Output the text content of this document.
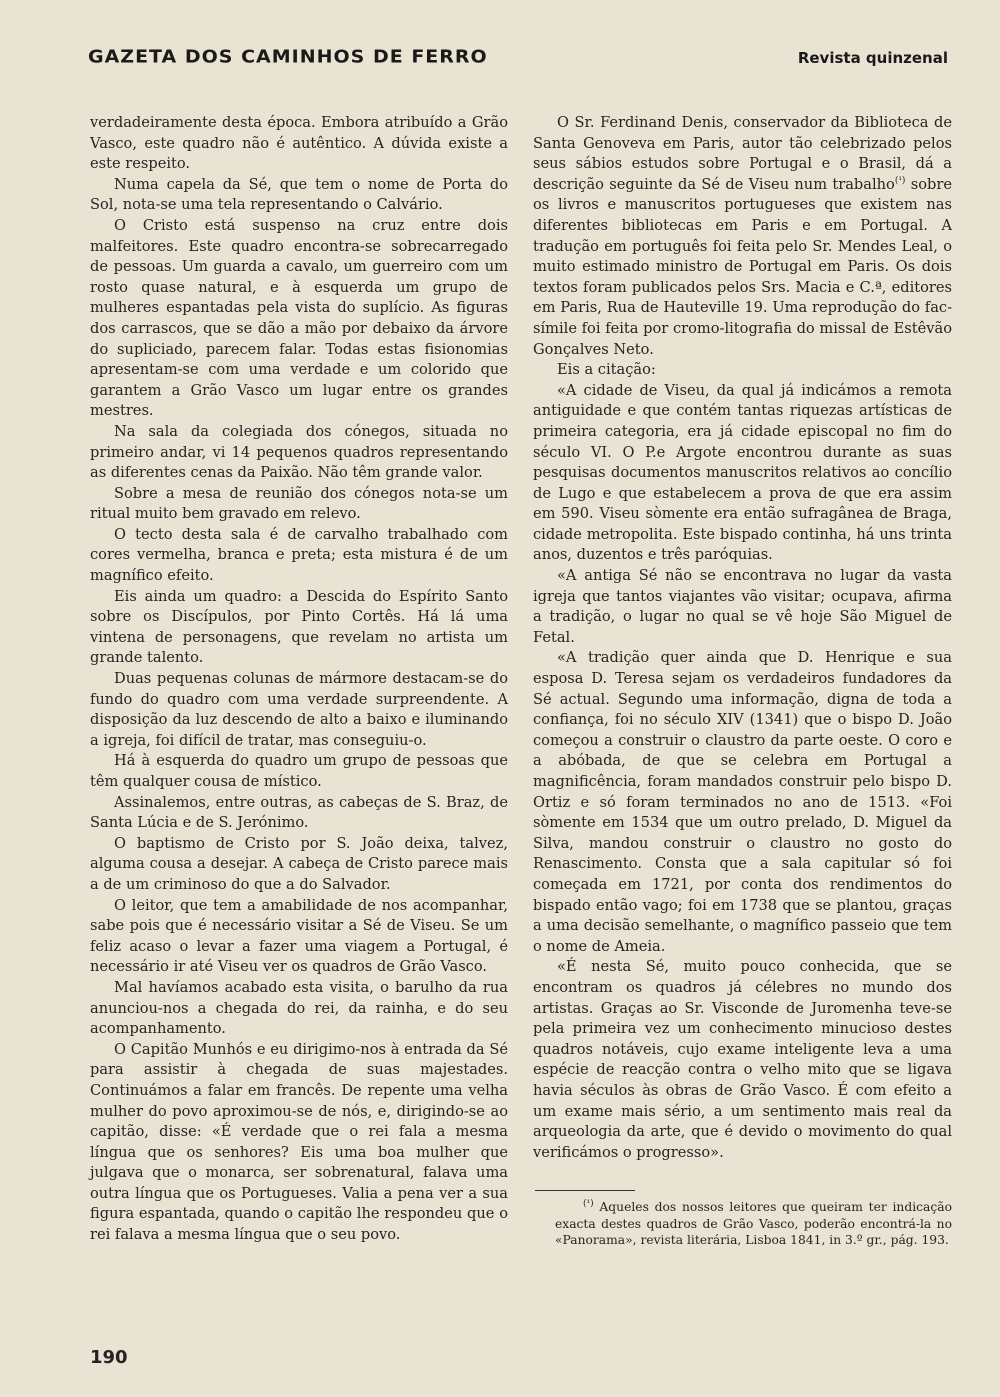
GAZETA DOS CAMINHOS DE FERRO	Revista quinzenal

verdadeiramente desta época. Embora atribuído a Grão Vasco, este quadro não é autêntico. A dúvida existe a este respeito.

Numa capela da Sé, que tem o nome de Porta do Sol, nota-se uma tela representando o Calvário.

O Cristo está suspenso na cruz entre dois malfeitores. Este quadro encontra-se sobrecarregado de pessoas. Um guarda a cavalo, um guerreiro com um rosto quase natural, e à esquerda um grupo de mulheres espantadas pela vista do suplício. As figuras dos carrascos, que se dão a mão por debaixo da árvore do supliciado, parecem falar. Todas estas fisionomias apresentam-se com uma verdade e um colorido que garantem a Grão Vasco um lugar entre os grandes mestres.

Na sala da colegiada dos cónegos, situada no primeiro andar, vi 14 pequenos quadros representando as diferentes cenas da Paixão. Não têm grande valor.

Sobre a mesa de reunião dos cónegos nota-se um ritual muito bem gravado em relevo.

O tecto desta sala é de carvalho trabalhado com cores vermelha, branca e preta; esta mistura é de um magnífico efeito.

Eis ainda um quadro: a Descida do Espírito Santo sobre os Discípulos, por Pinto Cortês. Há lá uma vintena de personagens, que revelam no artista um grande talento.

Duas pequenas colunas de mármore destacam-se do fundo do quadro com uma verdade surpreendente. A disposição da luz descendo de alto a baixo e iluminando a igreja, foi difícil de tratar, mas conseguiu-o.

Há à esquerda do quadro um grupo de pessoas que têm qualquer cousa de místico.

Assinalemos, entre outras, as cabeças de S. Braz, de Santa Lúcia e de S. Jerónimo.

O baptismo de Cristo por S. João deixa, talvez, alguma cousa a desejar. A cabeça de Cristo parece mais a de um criminoso do que a do Salvador.

O leitor, que tem a amabilidade de nos acompanhar, sabe pois que é necessário visitar a Sé de Viseu. Se um feliz acaso o levar a fazer uma viagem a Portugal, é necessário ir até Viseu ver os quadros de Grão Vasco.

Mal havíamos acabado esta visita, o barulho da rua anunciou-nos a chegada do rei, da rainha, e do seu acompanhamento.

O Capitão Munhós e eu dirigimo-nos à entrada da Sé para assistir à chegada de suas majestades. Continuámos a falar em francês. De repente uma velha mulher do povo aproximou-se de nós, e, dirigindo-se ao capitão, disse: «É verdade que o rei fala a mesma língua que os senhores? Eis uma boa mulher que julgava que o monarca, ser sobrenatural, falava uma outra língua que os Portugueses. Valia a pena ver a sua figura espantada, quando o capitão lhe respondeu que o rei falava a mesma língua que o seu povo.

O Sr. Ferdinand Denis, conservador da Biblioteca de Santa Genoveva em Paris, autor tão celebrizado pelos seus sábios estudos sobre Portugal e o Brasil, dá a descrição seguinte da Sé de Viseu num trabalho$^{(^1)}$ sobre os livros e manuscritos portugueses que existem nas diferentes bibliotecas em Paris e em Portugal. A tradução em português foi feita pelo Sr. Mendes Leal, o muito estimado ministro de Portugal em Paris. Os dois textos foram publicados pelos Srs. Macia e C.ª, editores em Paris, Rua de Hauteville 19. Uma reprodução do fac-símile foi feita por cromo-litografia do missal de Estêvão Gonçalves Neto.

Eis a citação:

«A cidade de Viseu, da qual já indicámos a remota antiguidade e que contém tantas riquezas artísticas de primeira categoria, era já cidade episcopal no fim do século VI. O P.e Argote encontrou durante as suas pesquisas documentos manuscritos relativos ao concílio de Lugo e que estabelecem a prova de que era assim em 590. Viseu sòmente era então sufragânea de Braga, cidade metropolita. Este bispado continha, há uns trinta anos, duzentos e três paróquias.

«A antiga Sé não se encontrava no lugar da vasta igreja que tantos viajantes vão visitar; ocupava, afirma a tradição, o lugar no qual se vê hoje São Miguel de Fetal.

«A tradição quer ainda que D. Henrique e sua esposa D. Teresa sejam os verdadeiros fundadores da Sé actual. Segundo uma informação, digna de toda a confiança, foi no século XIV (1341) que o bispo D. João começou a construir o claustro da parte oeste. O coro e a abóbada, de que se celebra em Portugal a magnificência, foram mandados construir pelo bispo D. Ortiz e só foram terminados no ano de 1513. «Foi sòmente em 1534 que um outro prelado, D. Miguel da Silva, mandou construir o claustro no gosto do Renascimento. Consta que a sala capitular só foi começada em 1721, por conta dos rendimentos do bispado então vago; foi em 1738 que se plantou, graças a uma decisão semelhante, o magnífico passeio que tem o nome de Ameia.

«É nesta Sé, muito pouco conhecida, que se encontram os quadros já célebres no mundo dos artistas. Graças ao Sr. Visconde de Juromenha teve-se pela primeira vez um conhecimento minucioso destes quadros notáveis, cujo exame inteligente leva a uma espécie de reacção contra o velho mito que se ligava havia séculos às obras de Grão Vasco. É com efeito a um exame mais sério, a um sentimento mais real da arqueologia da arte, que é devido o movimento do qual verificámos o progresso».

$^{(^1)}$ Aqueles dos nossos leitores que queiram ter indicação exacta destes quadros de Grão Vasco, poderão encontrá-la no «Panorama», revista literária, Lisboa 1841, in 3.º gr., pág. 193.
190
